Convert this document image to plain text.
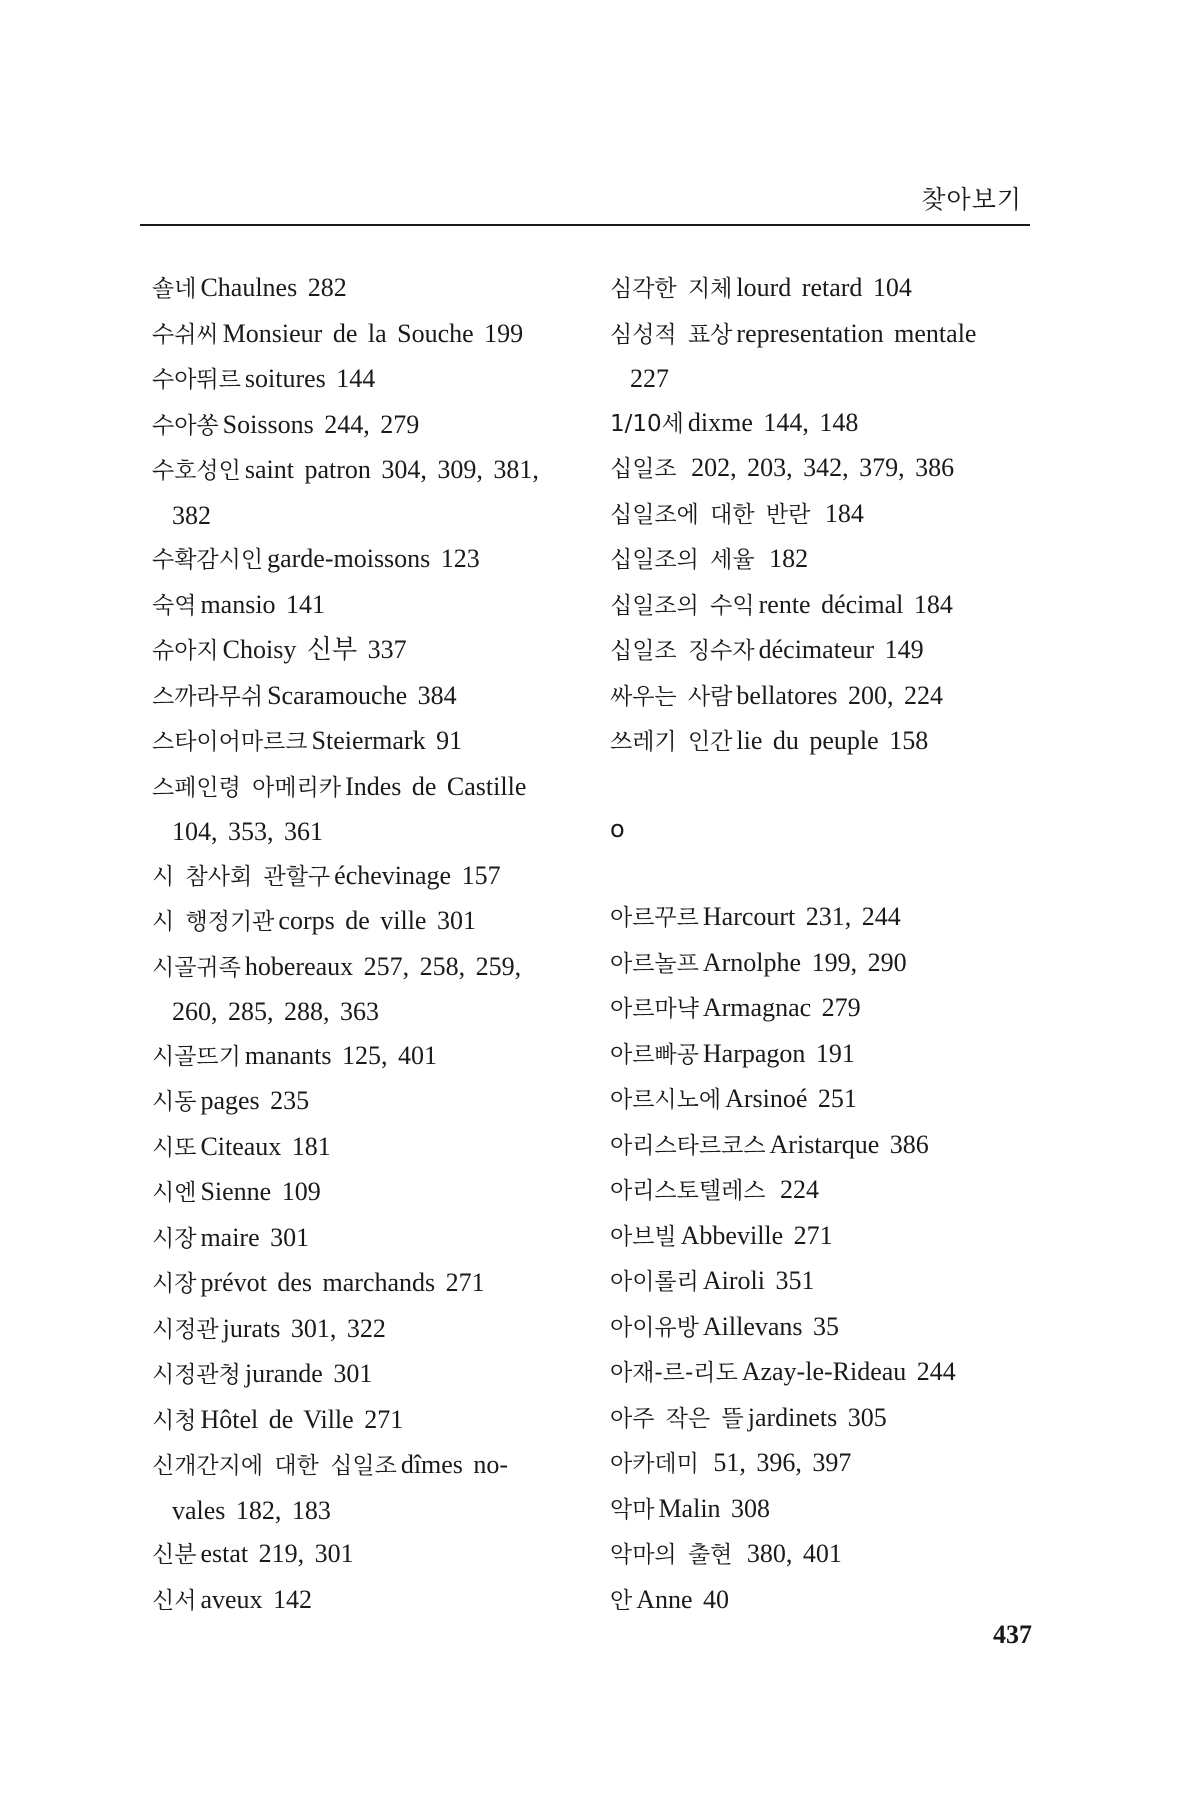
찾아보기
숄네 Chaulnes 282
수쉬씨 Monsieur de la Souche 199
수아뛰르 soitures 144
수아쏭 Soissons 244, 279
수호성인 saint patron 304, 309, 381,
382
수확감시인 garde-moissons 123
숙역 mansio 141
슈아지 Choisy 신부 337
스까라무쉬 Scaramouche 384
스타이어마르크 Steiermark 91
스페인령 아메리카 Indes de Castille
104, 353, 361
시 참사회 관할구 échevinage 157
시 행정기관 corps de ville 301
시골귀족 hobereaux 257, 258, 259,
260, 285, 288, 363
시골뜨기 manants 125, 401
시동 pages 235
시또 Citeaux 181
시엔 Sienne 109
시장 maire 301
시장 prévot des marchands 271
시정관 jurats 301, 322
시정관청 jurande 301
시청 Hôtel de Ville 271
신개간지에 대한 십일조 dîmes no-
vales 182, 183
신분 estat 219, 301
신서 aveux 142
심각한 지체 lourd retard 104
심성적 표상 representation mentale
227
1/10세 dixme 144, 148
십일조 202, 203, 342, 379, 386
십일조에 대한 반란 184
십일조의 세율 182
십일조의 수익 rente décimal 184
십일조 징수자 décimateur 149
싸우는 사람 bellatores 200, 224
쓰레기 인간 lie du peuple 158
o
아르꾸르 Harcourt 231, 244
아르놀프 Arnolphe 199, 290
아르마냑 Armagnac 279
아르빠공 Harpagon 191
아르시노에 Arsinoé 251
아리스타르코스 Aristarque 386
아리스토텔레스 224
아브빌 Abbeville 271
아이롤리 Airoli 351
아이유방 Aillevans 35
아재-르-리도 Azay-le-Rideau 244
아주 작은 뜰 jardinets 305
아카데미 51, 396, 397
악마 Malin 308
악마의 출현 380, 401
안 Anne 40
437
